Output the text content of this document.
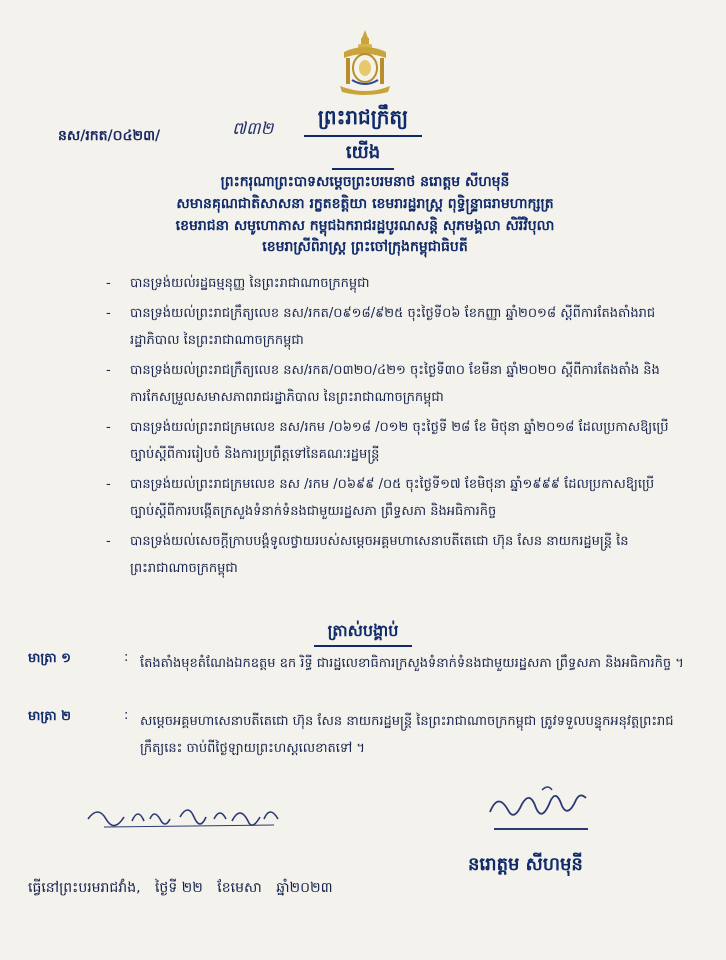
ព្រះរាជក្រឹត្យ
នស/រកត/០៤២៣/	៧៣២
យើង
ព្រះករុណាព្រះបាទសម្តេចព្រះបរមនាថ នរោត្តម សីហមុនី
សមានគុណជាតិសាសនា រក្ខតខត្តិយា ខេមរារដ្ឋរាស្ត្រ ពុទ្ធិន្រ្ទាធរាមហាក្សត្រ
ខេមរាជនា សមូហោភាស កម្ពុជឯករាជរដ្ឋបូរណសន្តិ សុភមង្គលា សិរីវិបុលា
ខេមរាស្រីពិរាស្ត្រ ព្រះចៅក្រុងកម្ពុជាធិបតី
- បានទ្រង់យល់រដ្ឋធម្មនុញ្ញ នៃព្រះរាជាណាចក្រកម្ពុជា
- បានទ្រង់យល់ព្រះរាជក្រឹត្យលេខ នស/រកត/០៩១៨/៩២៥ ចុះថ្ងៃទី០៦ ខែកញ្ញា ឆ្នាំ២០១៨ ស្តីពីការតែងតាំងរាជរដ្ឋាភិបាល នៃព្រះរាជាណាចក្រកម្ពុជា
- បានទ្រង់យល់ព្រះរាជក្រឹត្យលេខ នស/រកត/០៣២០/៤២១ ចុះថ្ងៃទី៣០ ខែមីនា ឆ្នាំ២០២០ ស្តីពីការតែងតាំង និងការកែសម្រួលសមាសភាពរាជរដ្ឋាភិបាល នៃព្រះរាជាណាចក្រកម្ពុជា
- បានទ្រង់យល់ព្រះរាជក្រមលេខ នស/រកម /០៦១៨ /០១២ ចុះថ្ងៃទី ២៨ ខែ មិថុនា ឆ្នាំ២០១៨ ដែលប្រកាសឱ្យប្រើច្បាប់ស្តីពីការរៀបចំ និងការប្រព្រឹត្តទៅនៃគណៈរដ្ឋមន្ត្រី
- បានទ្រង់យល់ព្រះរាជក្រមលេខ នស /រកម /០៦៩៩ /០៥ ចុះថ្ងៃទី១៧ ខែមិថុនា ឆ្នាំ១៩៩៩ ដែលប្រកាសឱ្យប្រើច្បាប់ស្តីពីការបង្កើតក្រសួងទំនាក់ទំនងជាមួយរដ្ឋសភា ព្រឹទ្ធសភា និងអធិការកិច្ច
- បានទ្រង់យល់សេចក្តីក្រាបបង្គំទូលថ្វាយរបស់សម្តេចអគ្គមហាសេនាបតីតេជោ ហ៊ុន សែន នាយករដ្ឋមន្ត្រី នៃព្រះរាជាណាចក្រកម្ពុជា
ត្រាស់បង្គាប់
មាត្រា ១	: តែងតាំងមុខតំណែងឯកឧត្តម ឧក រិទ្ធី ជារដ្ឋលេខាធិការក្រសួងទំនាក់ទំនងជាមួយរដ្ឋសភា ព្រឹទ្ធសភា និងអធិការកិច្ច ។
មាត្រា ២	: សម្តេចអគ្គមហាសេនាបតីតេជោ ហ៊ុន សែន នាយករដ្ឋមន្ត្រី នៃព្រះរាជាណាចក្រកម្ពុជា ត្រូវទទួលបន្ទុកអនុវត្តព្រះរាជក្រឹត្យនេះ ចាប់ពីថ្ងៃឡាយព្រះហស្តលេខាតទៅ ។
នរោត្តម សីហមុនី
ធ្វើនៅព្រះបរមរាជវាំង, ថ្ងៃទី ២២ ខែមេសា ឆ្នាំ២០២៣
